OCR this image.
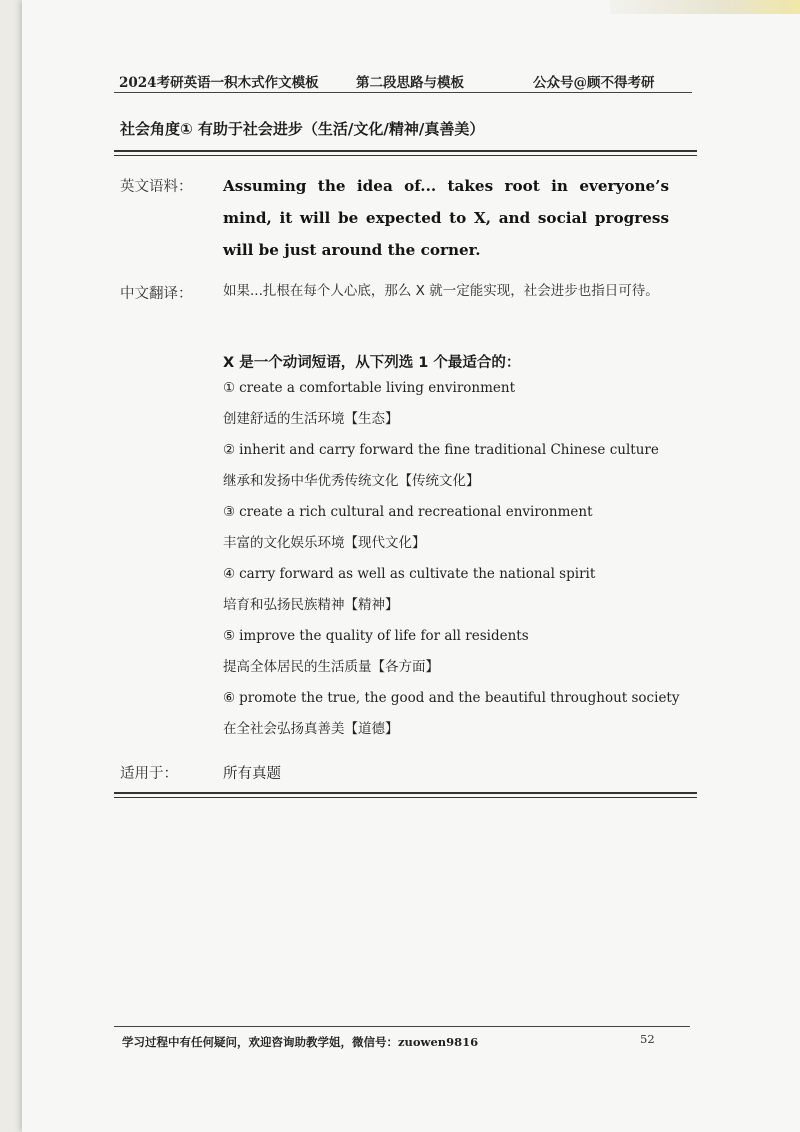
2024考研英语一积木式作文模板	第二段思路与模板	公众号@顾不得考研
社会角度① 有助于社会进步（生活/文化/精神/真善美）
英文语料： Assuming the idea of... takes root in everyone’s mind, it will be expected to X, and social progress will be just around the corner.
中文翻译： 如果...扎根在每个人心底，那么 X 就一定能实现，社会进步也指日可待。
X 是一个动词短语，从下列选 1 个最适合的：
① create a comfortable living environment
创建舒适的生活环境【生态】
② inherit and carry forward the fine traditional Chinese culture
继承和发扬中华优秀传统文化【传统文化】
③ create a rich cultural and recreational environment
丰富的文化娱乐环境【现代文化】
④ carry forward as well as cultivate the national spirit
培育和弘扬民族精神【精神】
⑤ improve the quality of life for all residents
提高全体居民的生活质量【各方面】
⑥ promote the true, the good and the beautiful throughout society
在全社会弘扬真善美【道德】
适用于：	所有真题
学习过程中有任何疑问，欢迎咨询助教学姐，微信号：zuowen9816	52
